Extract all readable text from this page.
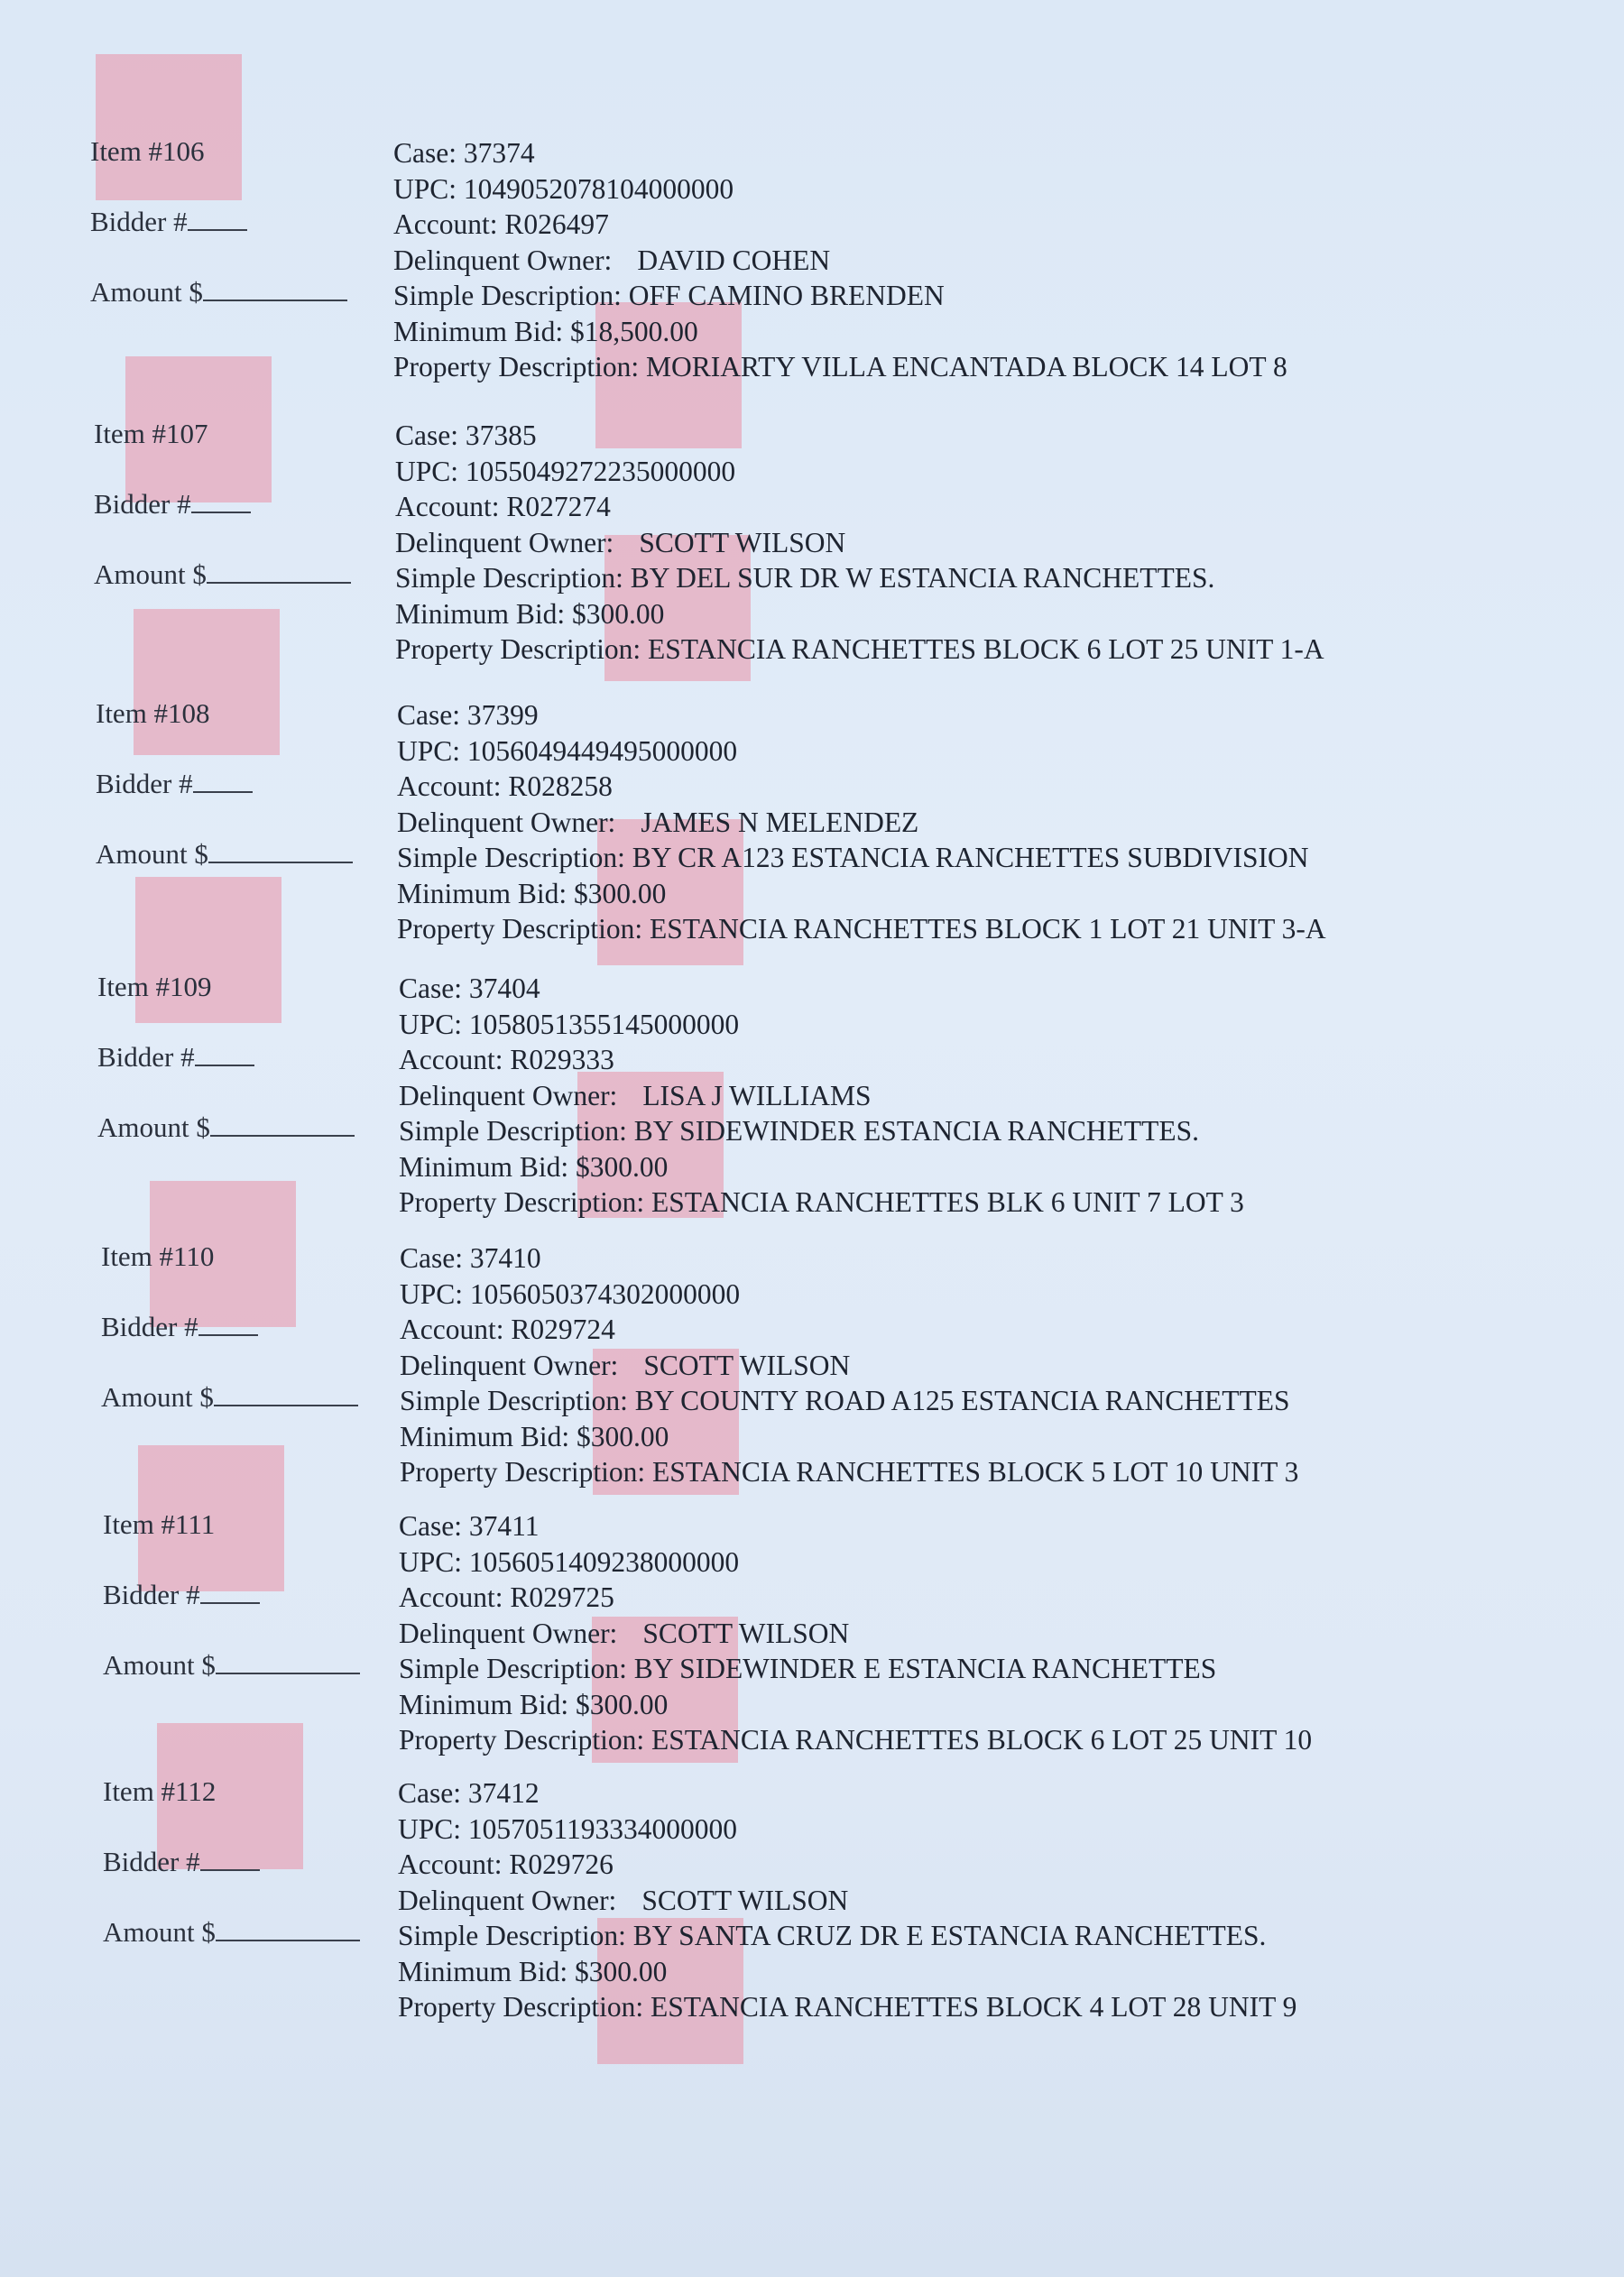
Item #106
Bidder #
Amount $
Case: 37374
UPC: 1049052078104000000
Account: R026497
Delinquent Owner: DAVID COHEN
Simple Description: OFF CAMINO BRENDEN
Minimum Bid: $18,500.00
Property Description: MORIARTY VILLA ENCANTADA BLOCK 14 LOT 8
Item #107
Bidder #
Amount $
Case: 37385
UPC: 1055049272235000000
Account: R027274
Delinquent Owner: SCOTT WILSON
Simple Description: BY DEL SUR DR W ESTANCIA RANCHETTES.
Minimum Bid: $300.00
Property Description: ESTANCIA RANCHETTES BLOCK 6 LOT 25 UNIT 1-A
Item #108
Bidder #
Amount $
Case: 37399
UPC: 1056049449495000000
Account: R028258
Delinquent Owner: JAMES N MELENDEZ
Simple Description: BY CR A123 ESTANCIA RANCHETTES SUBDIVISION
Minimum Bid: $300.00
Property Description: ESTANCIA RANCHETTES BLOCK 1 LOT 21 UNIT 3-A
Item #109
Bidder #
Amount $
Case: 37404
UPC: 1058051355145000000
Account: R029333
Delinquent Owner: LISA J WILLIAMS
Simple Description: BY SIDEWINDER ESTANCIA RANCHETTES.
Minimum Bid: $300.00
Property Description: ESTANCIA RANCHETTES BLK 6 UNIT 7 LOT 3
Item #110
Bidder #
Amount $
Case: 37410
UPC: 1056050374302000000
Account: R029724
Delinquent Owner: SCOTT WILSON
Simple Description: BY COUNTY ROAD A125 ESTANCIA RANCHETTES
Minimum Bid: $300.00
Property Description: ESTANCIA RANCHETTES BLOCK 5 LOT 10 UNIT 3
Item #111
Bidder #
Amount $
Case: 37411
UPC: 1056051409238000000
Account: R029725
Delinquent Owner: SCOTT WILSON
Simple Description: BY SIDEWINDER E ESTANCIA RANCHETTES
Minimum Bid: $300.00
Property Description: ESTANCIA RANCHETTES BLOCK 6 LOT 25 UNIT 10
Item #112
Bidder #
Amount $
Case: 37412
UPC: 1057051193334000000
Account: R029726
Delinquent Owner: SCOTT WILSON
Simple Description: BY SANTA CRUZ DR E ESTANCIA RANCHETTES.
Minimum Bid: $300.00
Property Description: ESTANCIA RANCHETTES BLOCK 4 LOT 28 UNIT 9
